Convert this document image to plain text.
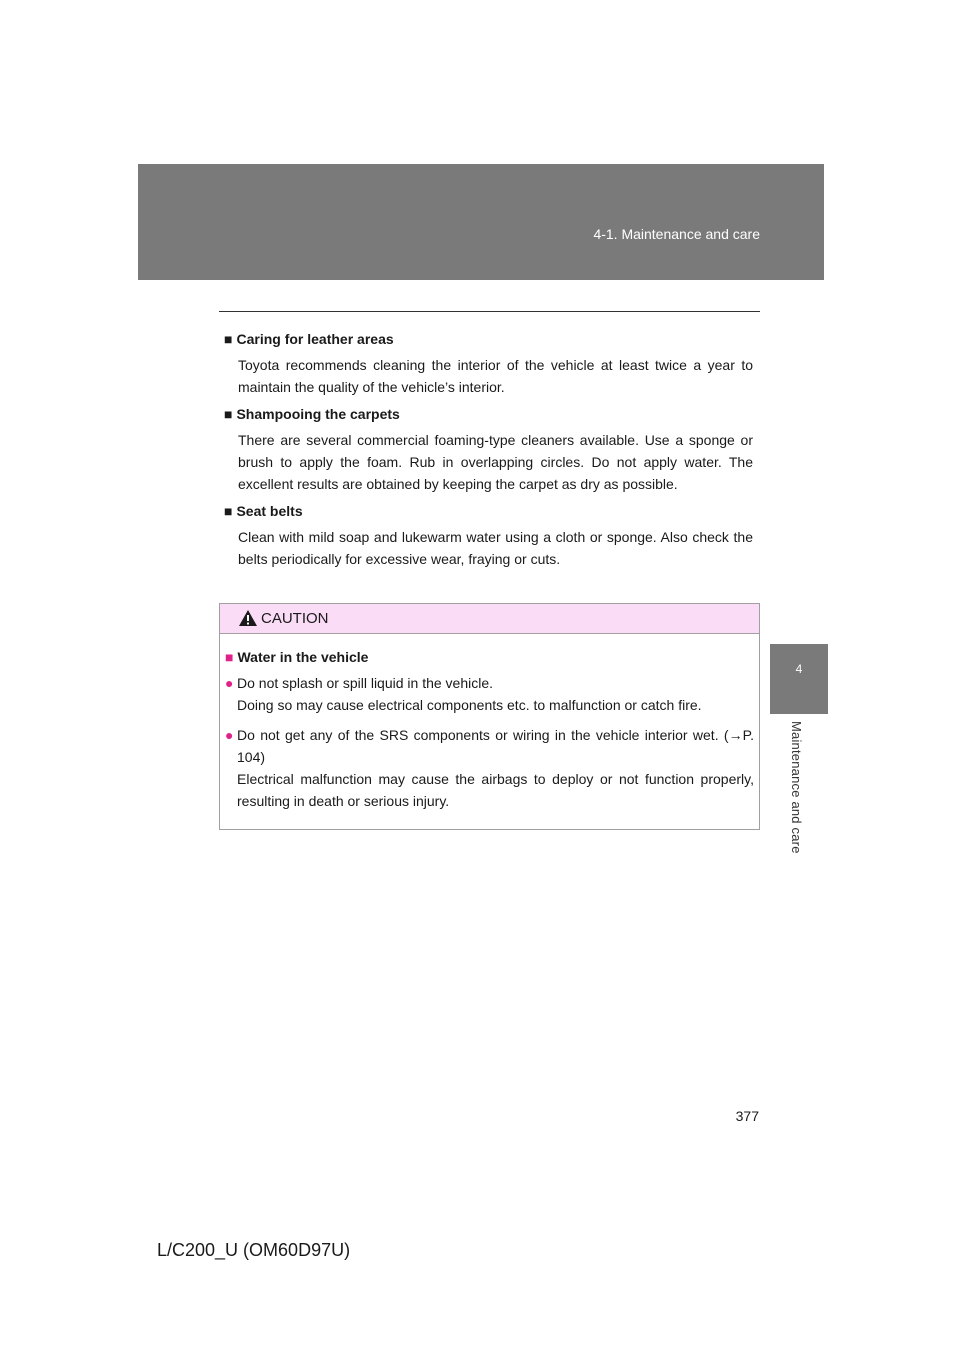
4-1. Maintenance and care
4
Maintenance and care

■ Caring for leather areas

Toyota recommends cleaning the interior of the vehicle at least twice a year to maintain the quality of the vehicle’s interior.

■ Shampooing the carpets

There are several commercial foaming-type cleaners available. Use a sponge or brush to apply the foam. Rub in overlapping circles. Do not apply water. The excellent results are obtained by keeping the carpet as dry as possible.

■ Seat belts

Clean with mild soap and lukewarm water using a cloth or sponge. Also check the belts periodically for excessive wear, fraying or cuts.

CAUTION

■ Water in the vehicle

● Do not splash or spill liquid in the vehicle.

Doing so may cause electrical components etc. to malfunction or catch fire.

● Do not get any of the SRS components or wiring in the vehicle interior wet. (→P. 104)

Electrical malfunction may cause the airbags to deploy or not function properly, resulting in death or serious injury.

377
L/C200_U (OM60D97U)
